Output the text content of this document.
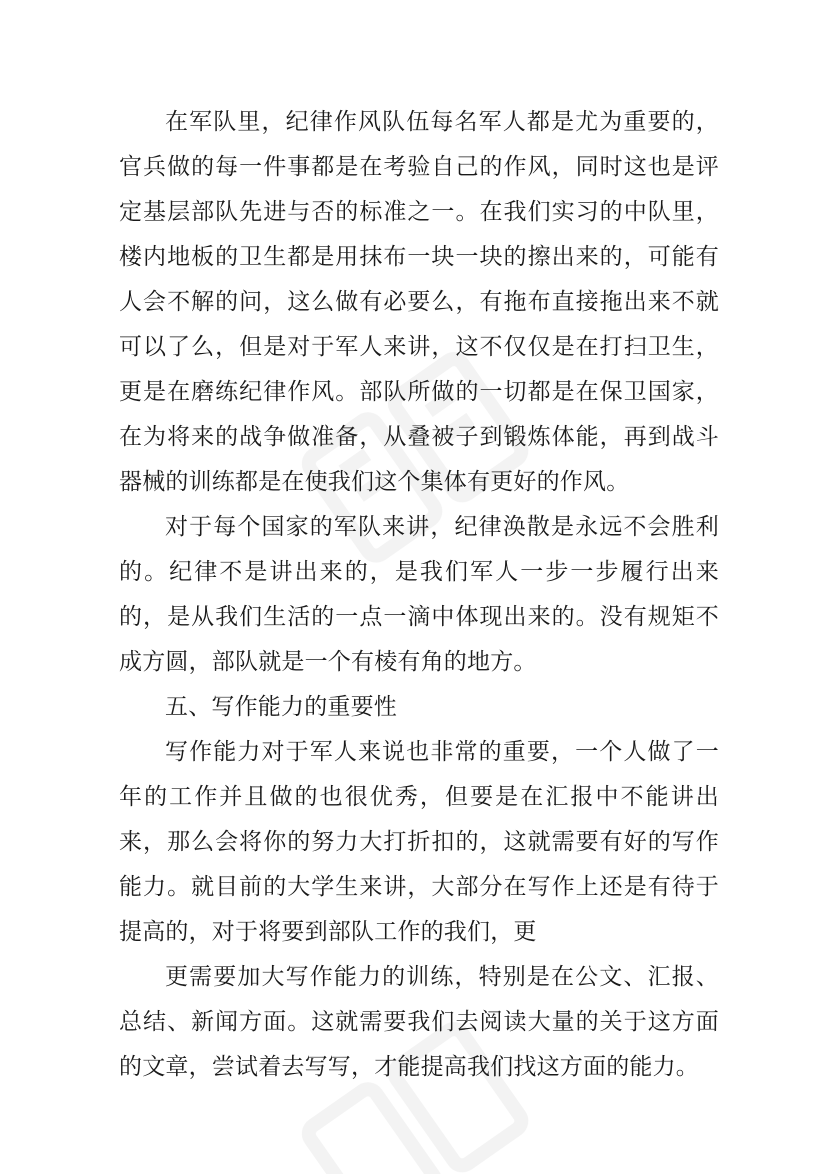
在军队里，纪律作风队伍每名军人都是尤为重要的，官兵做的每一件事都是在考验自己的作风，同时这也是评定基层部队先进与否的标准之一。在我们实习的中队里，楼内地板的卫生都是用抹布一块一块的擦出来的，可能有人会不解的问，这么做有必要么，有拖布直接拖出来不就可以了么，但是对于军人来讲，这不仅仅是在打扫卫生，更是在磨练纪律作风。部队所做的一切都是在保卫国家，在为将来的战争做准备，从叠被子到锻炼体能，再到战斗器械的训练都是在使我们这个集体有更好的作风。

对于每个国家的军队来讲，纪律涣散是永远不会胜利的。纪律不是讲出来的，是我们军人一步一步履行出来的，是从我们生活的一点一滴中体现出来的。没有规矩不成方圆，部队就是一个有棱有角的地方。

五、写作能力的重要性

写作能力对于军人来说也非常的重要，一个人做了一年的工作并且做的也很优秀，但要是在汇报中不能讲出来，那么会将你的努力大打折扣的，这就需要有好的写作能力。就目前的大学生来讲，大部分在写作上还是有待于提高的，对于将要到部队工作的我们，更

更需要加大写作能力的训练，特别是在公文、汇报、总结、新闻方面。这就需要我们去阅读大量的关于这方面的文章，尝试着去写写，才能提高我们找这方面的能力。
